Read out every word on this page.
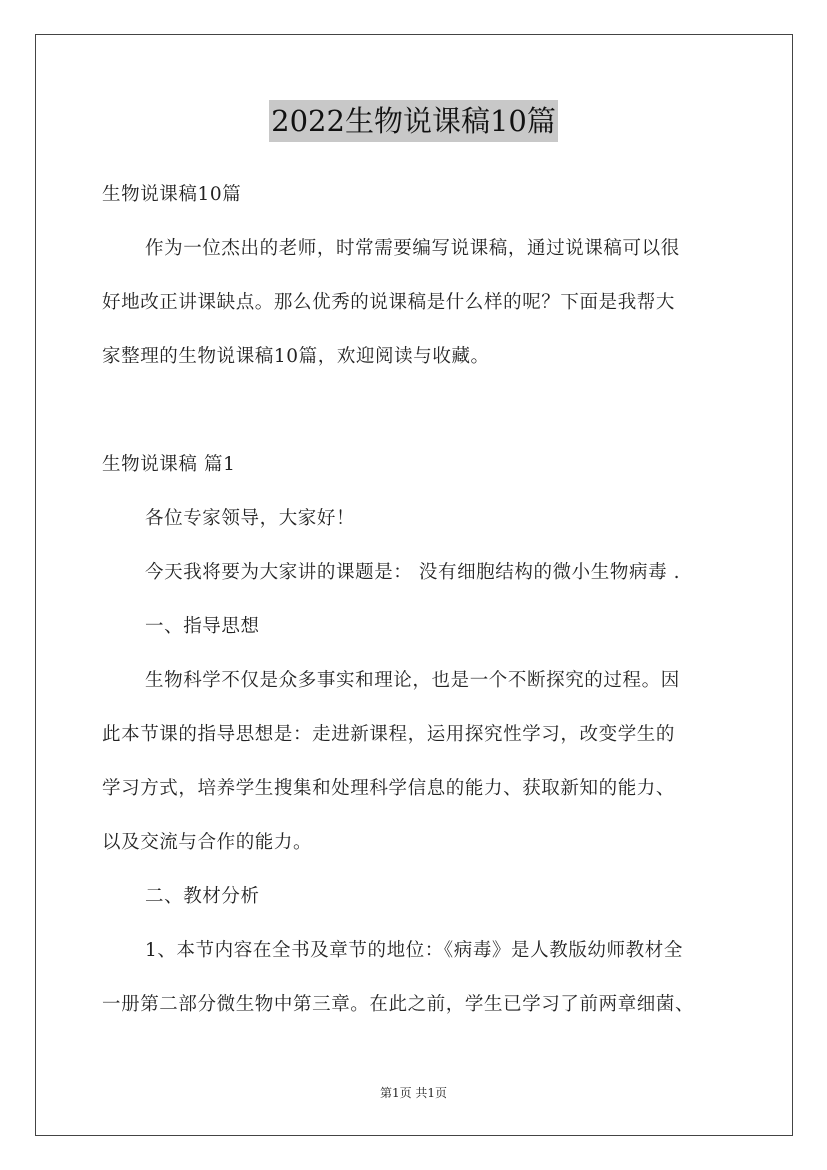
2022生物说课稿10篇
生物说课稿10篇
作为一位杰出的老师，时常需要编写说课稿，通过说课稿可以很
好地改正讲课缺点。那么优秀的说课稿是什么样的呢？下面是我帮大
家整理的生物说课稿10篇，欢迎阅读与收藏。
生物说课稿 篇1
各位专家领导，大家好！
今天我将要为大家讲的课题是： 没有细胞结构的微小生物病毒 .
一、指导思想
生物科学不仅是众多事实和理论，也是一个不断探究的过程。因
此本节课的指导思想是：走进新课程，运用探究性学习，改变学生的
学习方式，培养学生搜集和处理科学信息的能力、获取新知的能力、
以及交流与合作的能力。
二、教材分析
1、本节内容在全书及章节的地位：《病毒》是人教版幼师教材全
一册第二部分微生物中第三章。在此之前，学生已学习了前两章细菌、
第1页 共1页
